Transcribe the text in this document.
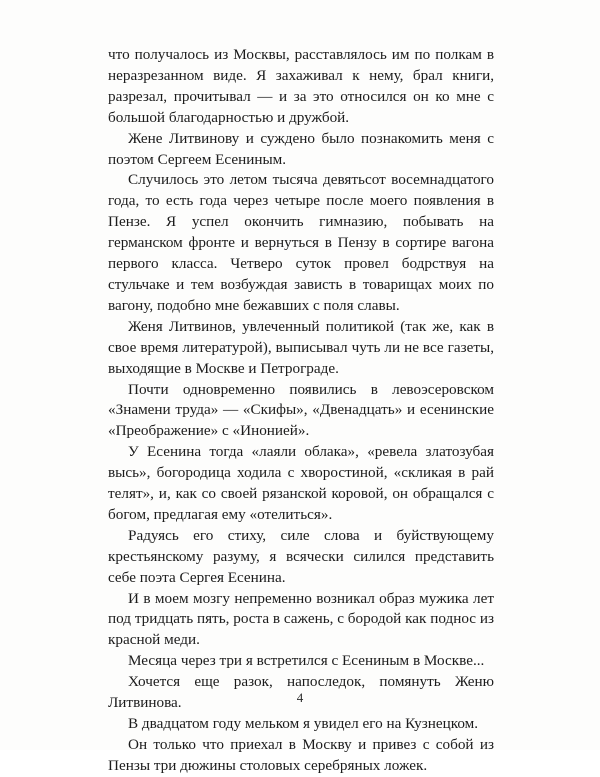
что получалось из Москвы, расставлялось им по полкам в неразрезанном виде. Я захаживал к нему, брал книги, разрезал, прочитывал — и за это относился он ко мне с большой благодарностью и дружбой.

Жене Литвинову и суждено было познакомить меня с поэтом Сергеем Есениным.

Случилось это летом тысяча девятьсот восемнадцатого года, то есть года через четыре после моего появления в Пензе. Я успел окончить гимназию, побывать на германском фронте и вернуться в Пензу в сортире вагона первого класса. Четверо суток провел бодрствуя на стульчаке и тем возбуждая зависть в товарищах моих по вагону, подобно мне бежавших с поля славы.

Женя Литвинов, увлеченный политикой (так же, как в свое время литературой), выписывал чуть ли не все газеты, выходящие в Москве и Петрограде.

Почти одновременно появились в левоэсеровском «Знамени труда» — «Скифы», «Двенадцать» и есенинские «Преображение» с «Инонией».

У Есенина тогда «лаяли облака», «ревела златозубая высь», богородица ходила с хворостиной, «скликая в рай телят», и, как со своей рязанской коровой, он обращался с богом, предлагая ему «отелиться».

Радуясь его стиху, силе слова и буйствующему крестьянскому разуму, я всячески силился представить себе поэта Сергея Есенина.

И в моем мозгу непременно возникал образ мужика лет под тридцать пять, роста в сажень, с бородой как поднос из красной меди.

Месяца через три я встретился с Есениным в Москве...

Хочется еще разок, напоследок, помянуть Женю Литвинова.

В двадцатом году мельком я увидел его на Кузнецком.

Он только что приехал в Москву и привез с собой из Пензы три дюжины столовых серебряных ложек.

4
